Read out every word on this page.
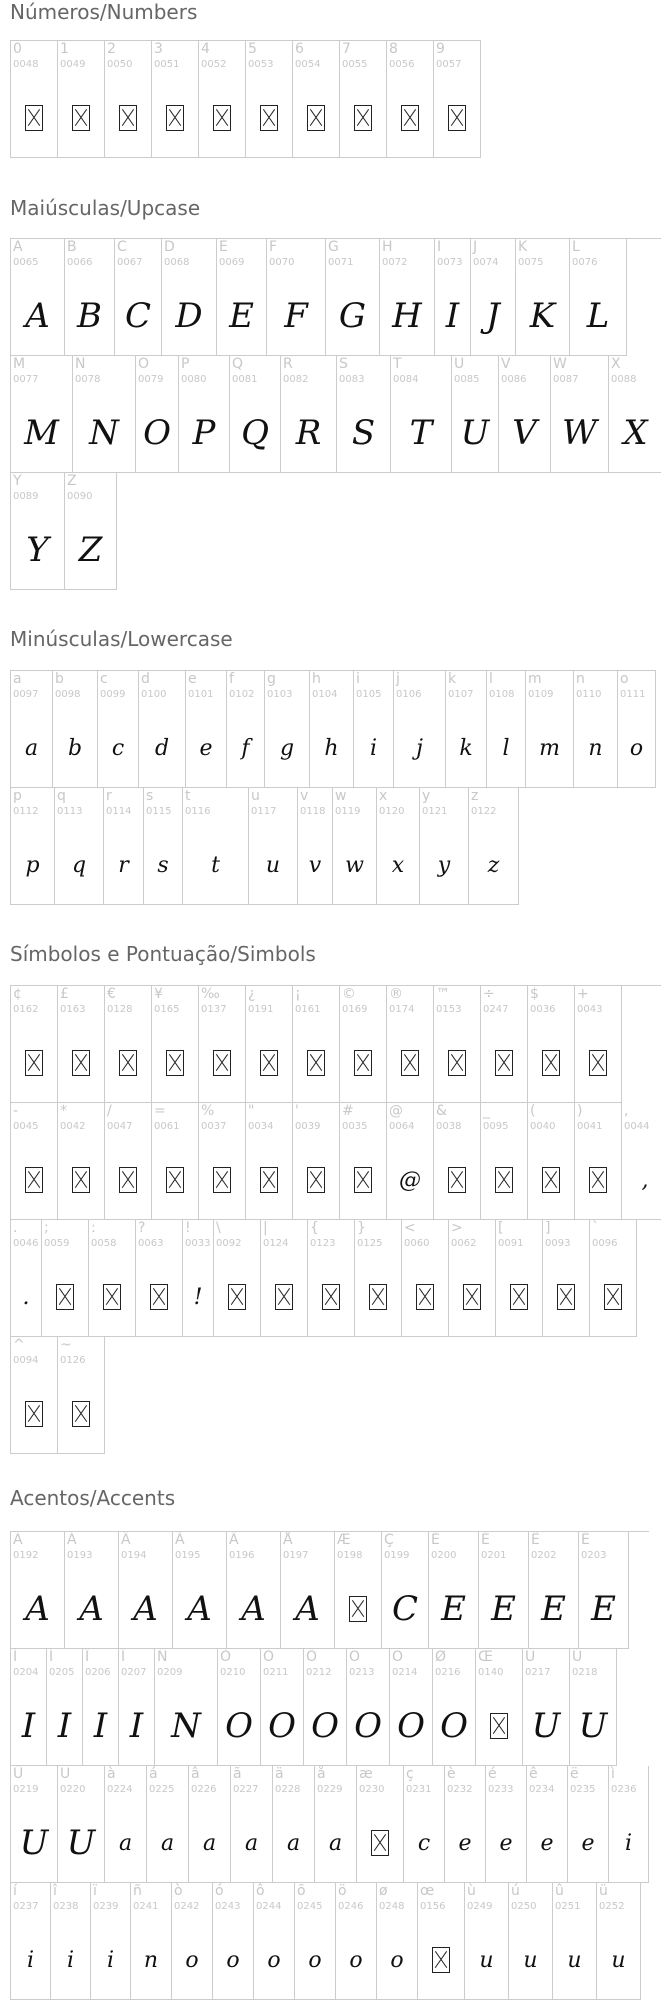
Números/Numbers
0
0048
1
0049
2
0050
3
0051
4
0052
5
0053
6
0054
7
0055
8
0056
9
0057
Maiúsculas/Upcase
A
0065
A
B
0066
B
C
0067
C
D
0068
D
E
0069
E
F
0070
F
G
0071
G
H
0072
H
I
0073
I
J
0074
J
K
0075
K
L
0076
L
M
0077
M
N
0078
N
O
0079
O
P
0080
P
Q
0081
Q
R
0082
R
S
0083
S
T
0084
T
U
0085
U
V
0086
V
W
0087
W
X
0088
X
Y
0089
Y
Z
0090
Z
Minúsculas/Lowercase
a
0097
a
b
0098
b
c
0099
c
d
0100
d
e
0101
e
f
0102
f
g
0103
g
h
0104
h
i
0105
i
j
0106
j
k
0107
k
l
0108
l
m
0109
m
n
0110
n
o
0111
o
p
0112
p
q
0113
q
r
0114
r
s
0115
s
t
0116
t
u
0117
u
v
0118
v
w
0119
w
x
0120
x
y
0121
y
z
0122
z
Símbolos e Pontuação/Simbols
¢
0162
£
0163
€
0128
¥
0165
‰
0137
¿
0191
¡
0161
©
0169
®
0174
™
0153
÷
0247
$
0036
+
0043
-
0045
*
0042
/
0047
=
0061
%
0037
"
0034
'
0039
#
0035
@
0064
@
&
0038
_
0095
(
0040
)
0041
,
0044
,
.
0046
.
;
0059
:
0058
?
0063
!
0033
!
\
0092
|
0124
{
0123
}
0125
<
0060
>
0062
[
0091
]
0093
`
0096
^
0094
~
0126
Acentos/Accents
À
0192
A
Á
0193
A
Â
0194
A
Ã
0195
A
Ä
0196
A
Å
0197
A
Æ
0198
Ç
0199
C
È
0200
E
É
0201
E
Ê
0202
E
Ë
0203
E
Ì
0204
I
Í
0205
I
Î
0206
I
Ï
0207
I
Ñ
0209
N
Ò
0210
O
Ó
0211
O
Ô
0212
O
Õ
0213
O
Ö
0214
O
Ø
0216
O
Œ
0140
Ù
0217
U
Ú
0218
U
Û
0219
U
Ü
0220
U
à
0224
a
á
0225
a
â
0226
a
ã
0227
a
ä
0228
a
å
0229
a
æ
0230
ç
0231
c
è
0232
e
é
0233
e
ê
0234
e
ë
0235
e
ì
0236
i
í
0237
i
î
0238
i
ï
0239
i
ñ
0241
n
ò
0242
o
ó
0243
o
ô
0244
o
õ
0245
o
ö
0246
o
ø
0248
o
œ
0156
ù
0249
u
ú
0250
u
û
0251
u
ü
0252
u
